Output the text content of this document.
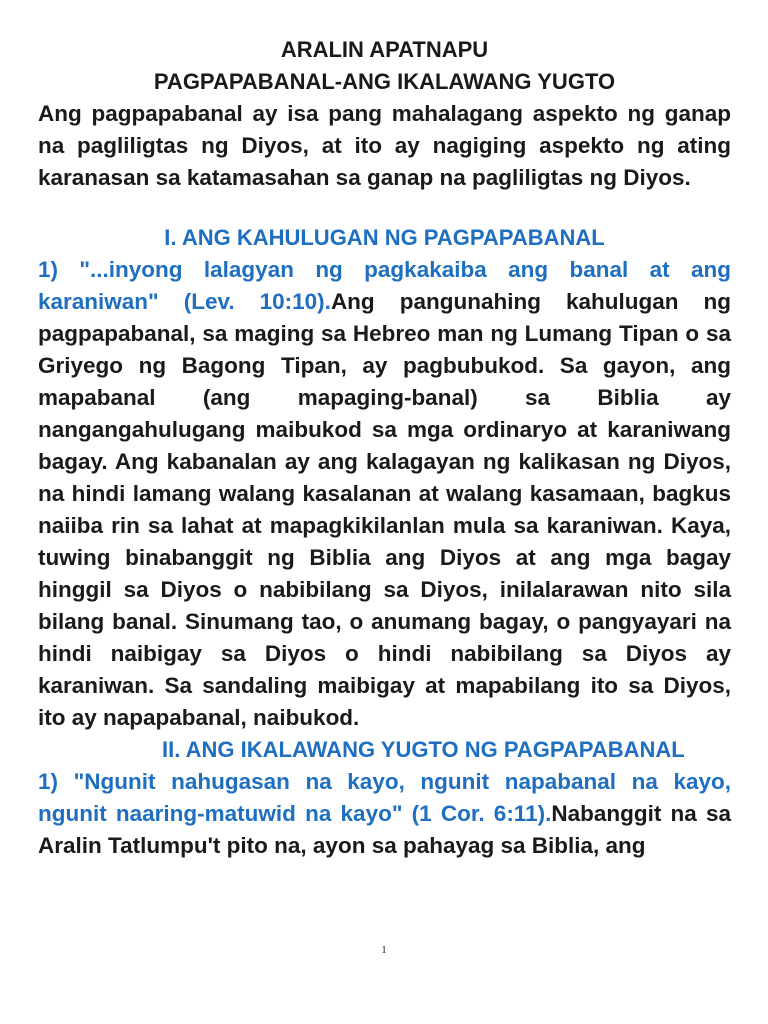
ARALIN APATNAPU
PAGPAPABANAL-ANG IKALAWANG YUGTO

Ang pagpapabanal ay isa pang mahalagang aspekto ng ganap na pagliligtas ng Diyos, at ito ay nagiging aspekto ng ating karanasan sa katamasahan sa ganap na pagliligtas ng Diyos.

I. ANG KAHULUGAN NG PAGPAPABANAL

1) "...inyong lalagyan ng pagkakaiba ang banal at ang karaniwan" (Lev. 10:10).Ang pangunahing kahulugan ng pagpapabanal, sa maging sa Hebreo man ng Lumang Tipan o sa Griyego ng Bagong Tipan, ay pagbubukod. Sa gayon, ang mapabanal (ang mapaging-banal) sa Biblia ay nangangahulugang maibukod sa mga ordinaryo at karaniwang bagay. Ang kabanalan ay ang kalagayan ng kalikasan ng Diyos, na hindi lamang walang kasalanan at walang kasamaan, bagkus naiiba rin sa lahat at mapagkikilanlan mula sa karaniwan. Kaya, tuwing binabanggit ng Biblia ang Diyos at ang mga bagay hinggil sa Diyos o nabibilang sa Diyos, inilalarawan nito sila bilang banal. Sinumang tao, o anumang bagay, o pangyayari na hindi naibigay sa Diyos o hindi nabibilang sa Diyos ay karaniwan. Sa sandaling maibigay at mapabilang ito sa Diyos, ito ay napapabanal, naibukod.

II. ANG IKALAWANG YUGTO NG PAGPAPABANAL

1) "Ngunit nahugasan na kayo, ngunit napabanal na kayo, ngunit naaring-matuwid na kayo" (1 Cor. 6:11).Nabanggit na sa Aralin Tatlumpu't pito na, ayon sa pahayag sa Biblia, ang

1
